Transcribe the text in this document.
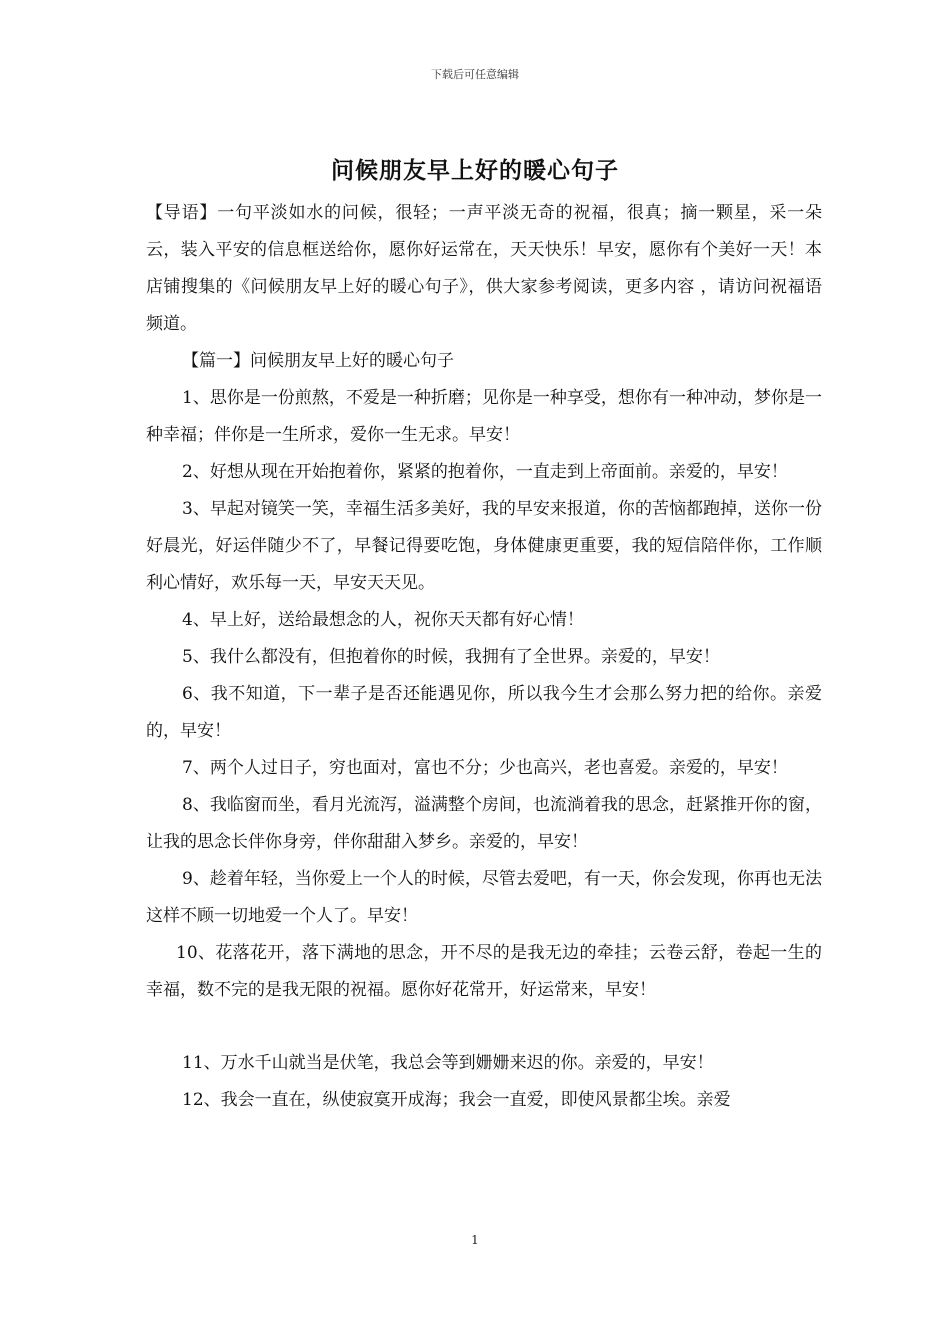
下载后可任意编辑
问候朋友早上好的暖心句子

【导语】一句平淡如水的问候，很轻；一声平淡无奇的祝福，很真；摘一颗星，采一朵云，装入平安的信息框送给你，愿你好运常在，天天快乐！早安，愿你有个美好一天！本店铺搜集的《问候朋友早上好的暖心句子》，供大家参考阅读，更多内容 ，请访问祝福语频道。

【篇一】问候朋友早上好的暖心句子

1、思你是一份煎熬，不爱是一种折磨；见你是一种享受，想你有一种冲动，梦你是一种幸福；伴你是一生所求，爱你一生无求。早安！

2、好想从现在开始抱着你，紧紧的抱着你，一直走到上帝面前。亲爱的，早安！

3、早起对镜笑一笑，幸福生活多美好，我的早安来报道，你的苦恼都跑掉，送你一份好晨光，好运伴随少不了，早餐记得要吃饱，身体健康更重要，我的短信陪伴你，工作顺利心情好，欢乐每一天，早安天天见。

4、早上好，送给最想念的人，祝你天天都有好心情！

5、我什么都没有，但抱着你的时候，我拥有了全世界。亲爱的，早安！

6、我不知道，下一辈子是否还能遇见你，所以我今生才会那么努力把的给你。亲爱的，早安！

7、两个人过日子，穷也面对，富也不分；少也高兴，老也喜爱。亲爱的，早安！

8、我临窗而坐，看月光流泻，溢满整个房间，也流淌着我的思念，赶紧推开你的窗，让我的思念长伴你身旁，伴你甜甜入梦乡。亲爱的，早安！

9、趁着年轻，当你爱上一个人的时候，尽管去爱吧，有一天，你会发现，你再也无法这样不顾一切地爱一个人了。早安！

10、花落花开，落下满地的思念，开不尽的是我无边的牵挂；云卷云舒，卷起一生的幸福，数不完的是我无限的祝福。愿你好花常开，好运常来，早安！

11、万水千山就当是伏笔，我总会等到姗姗来迟的你。亲爱的，早安！

12、我会一直在，纵使寂寞开成海；我会一直爱，即使风景都尘埃。亲爱

1
